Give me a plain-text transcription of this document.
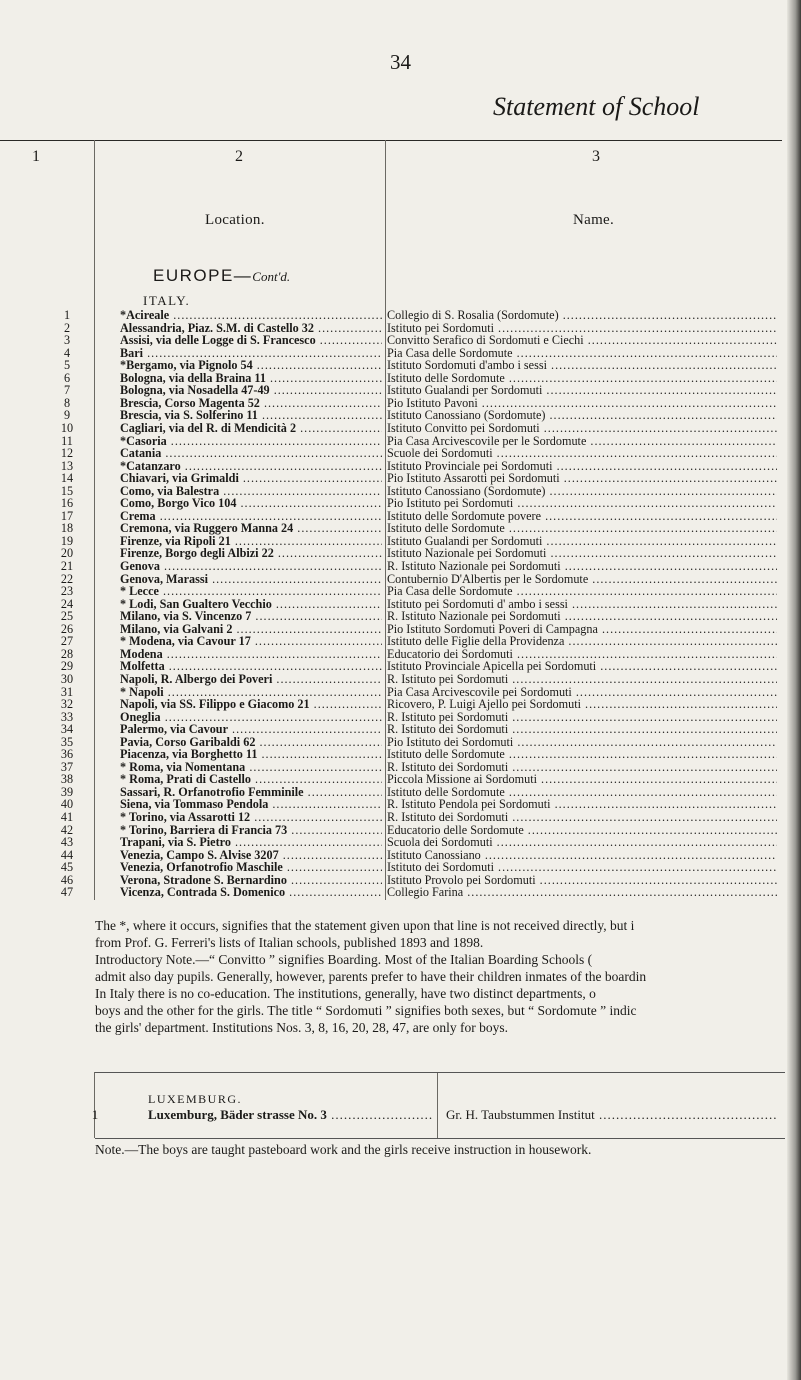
34
Statement of School
1	2	3
Location.	Name.
EUROPE—Cont'd.
ITALY.
1	*Acireale .....	Collegio di S. Rosalia (Sordomute) .....
2	Alessandria, Piaz. S.M. di Castello 32 .....	Istituto pei Sordomuti .....
3	Assisi, via delle Logge di S. Francesco .....	Convitto Serafico di Sordomuti e Ciechi .....
4	Bari .....	Pia Casa delle Sordomute .....
5	*Bergamo, via Pignolo 54 .....	Istituto Sordomuti d'ambo i sessi .....
6	Bologna, via della Braina 11 .....	Istituto delle Sordomute .....
7	Bologna, via Nosadella 47-49 .....	Istituto Gualandi per Sordomuti .....
8	Brescia, Corso Magenta 52 .....	Pio Istituto Pavoni .....
9	Brescia, via S. Solferino 11 .....	Istituto Canossiano (Sordomute) .....
10	Cagliari, via del R. di Mendicità 2 .....	Istituto Convitto pei Sordomuti .....
11	*Casoria .....	Pia Casa Arcivescovile per le Sordomute .....
12	Catania .....	Scuole dei Sordomuti .....
13	*Catanzaro .....	Istituto Provinciale pei Sordomuti .....
14	Chiavari, via Grimaldi .....	Pio Istituto Assarotti pei Sordomuti .....
15	Como, via Balestra .....	Istituto Canossiano (Sordomute) .....
16	Como, Borgo Vico 104 .....	Pio Istituto pei Sordomuti .....
17	Crema .....	Istituto delle Sordomute povere .....
18	Cremona, via Ruggero Manna 24 .....	Istituto delle Sordomute .....
19	Firenze, via Ripoli 21 .....	Istituto Gualandi per Sordomuti .....
20	Firenze, Borgo degli Albizi 22 .....	Istituto Nazionale pei Sordomuti .....
21	Genova .....	R. Istituto Nazionale pei Sordomuti .....
22	Genova, Marassi .....	Contubernio D'Albertis per le Sordomute .....
23	* Lecce .....	Pia Casa delle Sordomute .....
24	* Lodi, San Gualtero Vecchio .....	Istituto pei Sordomuti d' ambo i sessi .....
25	Milano, via S. Vincenzo 7 .....	R. Istituto Nazionale pei Sordomuti .....
26	Milano, via Galvani 2 .....	Pio Istituto Sordomuti Poveri di Campagna .....
27	* Modena, via Cavour 17 .....	Istituto delle Figlie della Providenza .....
28	Modena .....	Educatorio dei Sordomuti .....
29	Molfetta .....	Istituto Provinciale Apicella pei Sordomuti .....
30	Napoli, R. Albergo dei Poveri .....	R. Istituto pei Sordomuti .....
31	* Napoli .....	Pia Casa Arcivescovile pei Sordomuti .....
32	Napoli, via SS. Filippo e Giacomo 21 .....	Ricovero, P. Luigi Ajello pei Sordomuti .....
33	Oneglia .....	R. Istituto pei Sordomuti .....
34	Palermo, via Cavour .....	R. Istituto dei Sordomuti .....
35	Pavia, Corso Garibaldi 62 .....	Pio Istituto dei Sordomuti .....
36	Piacenza, via Borghetto 11 .....	Istituto delle Sordomute .....
37	* Roma, via Nomentana .....	R. Istituto dei Sordomuti .....
38	* Roma, Prati di Castello .....	Piccola Missione ai Sordomuti .....
39	Sassari, R. Orfanotrofio Femminile .....	Istituto delle Sordomute .....
40	Siena, via Tommaso Pendola .....	R. Istituto Pendola pei Sordomuti .....
41	* Torino, via Assarotti 12 .....	R. Istituto dei Sordomuti .....
42	* Torino, Barriera di Francia 73 .....	Educatorio delle Sordomute .....
43	Trapani, via S. Pietro .....	Scuola dei Sordomuti .....
44	Venezia, Campo S. Alvise 3207 .....	Istituto Canossiano .....
45	Venezia, Orfanotrofio Maschile .....	Istituto dei Sordomuti .....
46	Verona, Stradone S. Bernardino .....	Istituto Provolo pei Sordomuti .....
47	Vicenza, Contrada S. Domenico .....	Collegio Farina .....

The *, where it occurs, signifies that the statement given upon that line is not received directly, but i

from Prof. G. Ferreri's lists of Italian schools, published 1893 and 1898.

Introductory Note.—“ Convitto ” signifies Boarding. Most of the Italian Boarding Schools (

admit also day pupils. Generally, however, parents prefer to have their children inmates of the boardin

In Italy there is no co-education. The institutions, generally, have two distinct departments, o

boys and the other for the girls. The title “ Sordomuti ” signifies both sexes, but “ Sordomute ” indic

the girls' department. Institutions Nos. 3, 8, 16, 20, 28, 47, are only for boys.

LUXEMBURG.
1	Luxemburg, Bäder strasse No. 3 .....	Gr. H. Taubstummen Institut .....
Note.—The boys are taught pasteboard work and the girls receive instruction in housework.
